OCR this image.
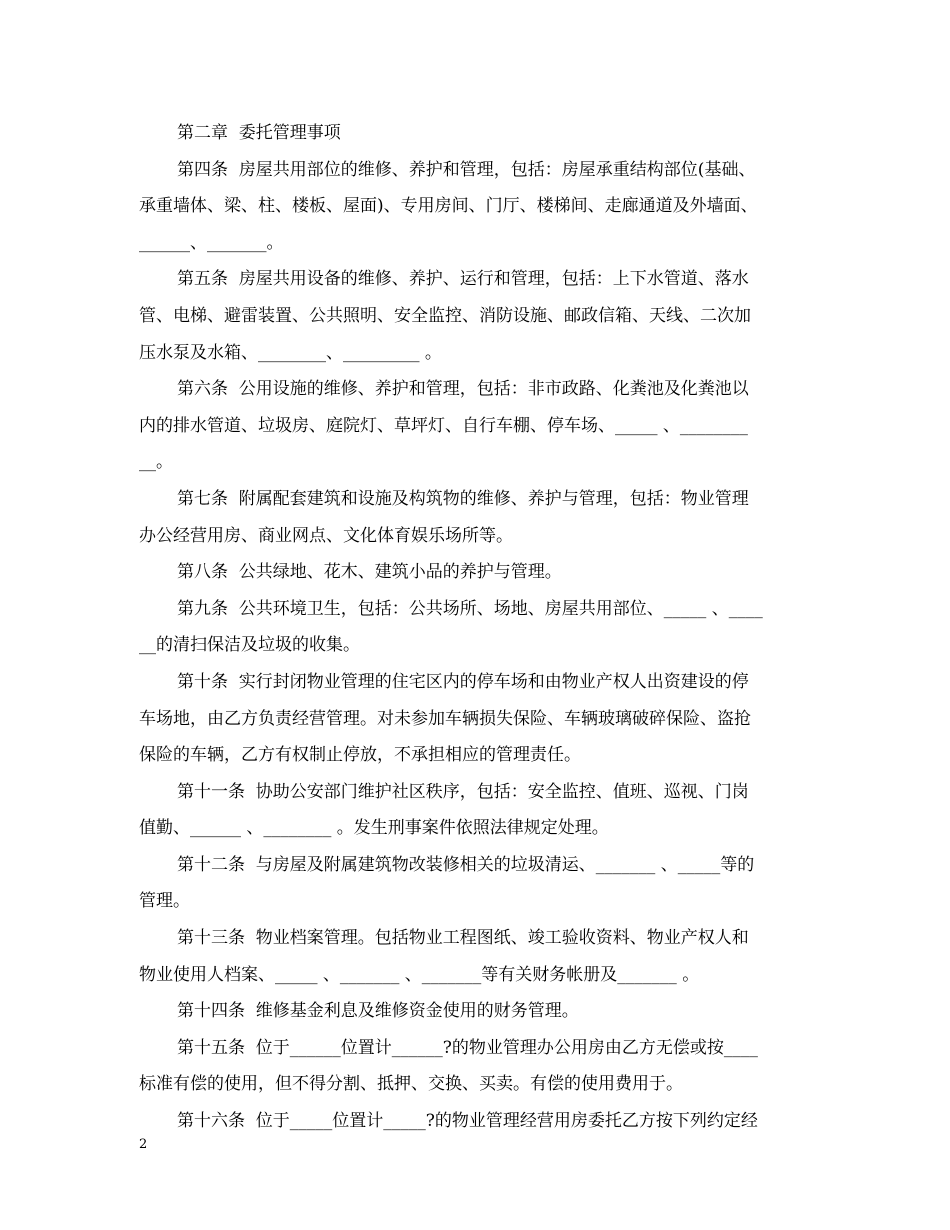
第二章  委托管理事项
第四条  房屋共用部位的维修、养护和管理，包括：房屋承重结构部位(基础、
承重墙体、梁、柱、楼板、屋面)、专用房间、门厅、楼梯间、走廊通道及外墙面、
______、_______。
第五条  房屋共用设备的维修、养护、运行和管理，包括：上下水管道、落水
管、电梯、避雷装置、公共照明、安全监控、消防设施、邮政信箱、天线、二次加
压水泵及水箱、________、_________ 。
第六条  公用设施的维修、养护和管理，包括：非市政路、化粪池及化粪池以
内的排水管道、垃圾房、庭院灯、草坪灯、自行车棚、停车场、_____ 、________
__。
第七条  附属配套建筑和设施及构筑物的维修、养护与管理，包括：物业管理
办公经营用房、商业网点、文化体育娱乐场所等。
第八条  公共绿地、花木、建筑小品的养护与管理。
第九条  公共环境卫生，包括：公共场所、场地、房屋共用部位、_____ 、____
__的清扫保洁及垃圾的收集。
第十条  实行封闭物业管理的住宅区内的停车场和由物业产权人出资建设的停
车场地，由乙方负责经营管理。对未参加车辆损失保险、车辆玻璃破碎保险、盗抢
保险的车辆，乙方有权制止停放，不承担相应的管理责任。
第十一条  协助公安部门维护社区秩序，包括：安全监控、值班、巡视、门岗
值勤、______ 、________ 。发生刑事案件依照法律规定处理。
第十二条  与房屋及附属建筑物改装修相关的垃圾清运、_______ 、_____等的
管理。
第十三条  物业档案管理。包括物业工程图纸、竣工验收资料、物业产权人和
物业使用人档案、_____ 、_______ 、_______等有关财务帐册及_______ 。
第十四条  维修基金利息及维修资金使用的财务管理。
第十五条  位于______位置计______?的物业管理办公用房由乙方无偿或按____
标准有偿的使用，但不得分割、抵押、交换、买卖。有偿的使用费用于。
第十六条  位于_____位置计_____?的物业管理经营用房委托乙方按下列约定经
2
